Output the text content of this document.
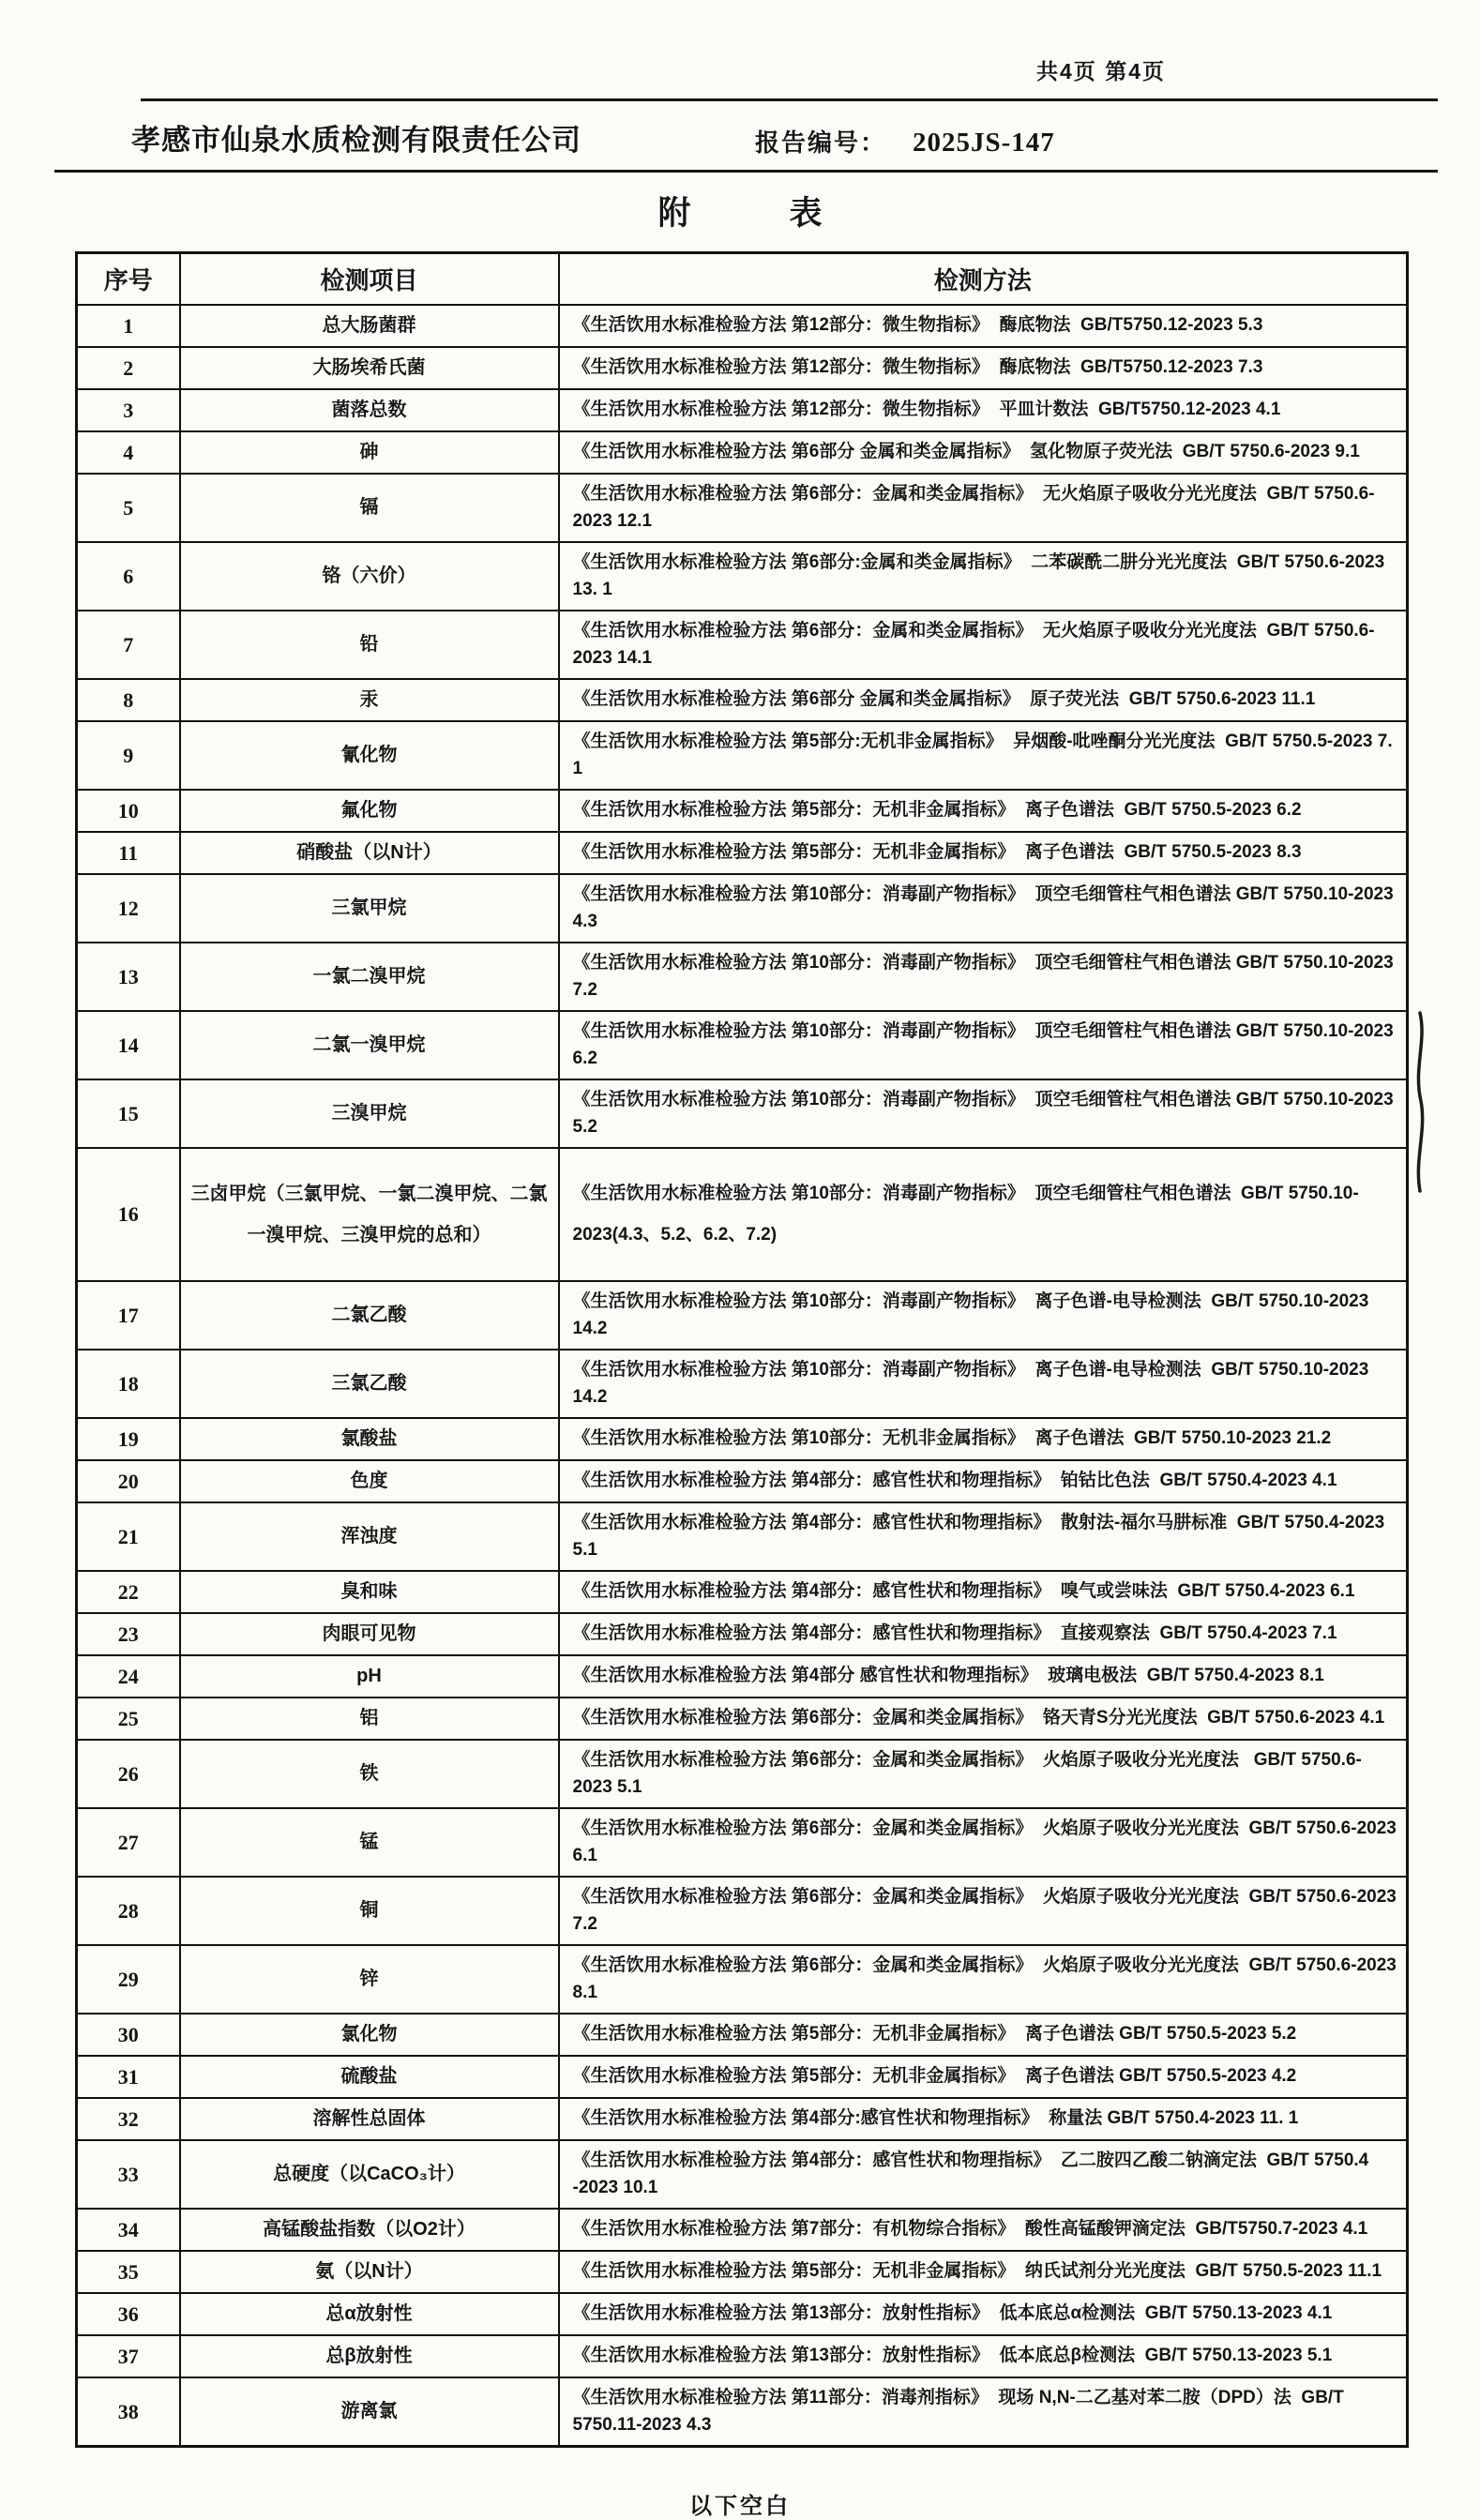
共4页 第4页
孝感市仙泉水质检测有限责任公司	报告编号： 2025JS-147
附　　　表
序号	检测项目	检测方法
1	总大肠菌群	《生活饮用水标准检验方法 第12部分：微生物指标》  酶底物法  GB/T5750.12-2023 5.3
2	大肠埃希氏菌	《生活饮用水标准检验方法 第12部分：微生物指标》  酶底物法  GB/T5750.12-2023 7.3
3	菌落总数	《生活饮用水标准检验方法 第12部分：微生物指标》  平皿计数法  GB/T5750.12-2023 4.1
4	砷	《生活饮用水标准检验方法 第6部分 金属和类金属指标》  氢化物原子荧光法  GB/T 5750.6-2023 9.1
5	镉	《生活饮用水标准检验方法 第6部分：金属和类金属指标》  无火焰原子吸收分光光度法  GB/T 5750.6-2023 12.1
6	铬（六价）	《生活饮用水标准检验方法 第6部分:金属和类金属指标》  二苯碳酰二肼分光光度法  GB/T 5750.6-2023 13. 1
7	铅	《生活饮用水标准检验方法 第6部分：金属和类金属指标》  无火焰原子吸收分光光度法  GB/T 5750.6-2023 14.1
8	汞	《生活饮用水标准检验方法 第6部分 金属和类金属指标》  原子荧光法  GB/T 5750.6-2023 11.1
9	氰化物	《生活饮用水标准检验方法 第5部分:无机非金属指标》  异烟酸-吡唑酮分光光度法  GB/T 5750.5-2023 7. 1
10	氟化物	《生活饮用水标准检验方法 第5部分：无机非金属指标》  离子色谱法  GB/T 5750.5-2023 6.2
11	硝酸盐（以N计）	《生活饮用水标准检验方法 第5部分：无机非金属指标》  离子色谱法  GB/T 5750.5-2023 8.3
12	三氯甲烷	《生活饮用水标准检验方法 第10部分：消毒副产物指标》  顶空毛细管柱气相色谱法 GB/T 5750.10-2023 4.3
13	一氯二溴甲烷	《生活饮用水标准检验方法 第10部分：消毒副产物指标》  顶空毛细管柱气相色谱法 GB/T 5750.10-2023 7.2
14	二氯一溴甲烷	《生活饮用水标准检验方法 第10部分：消毒副产物指标》  顶空毛细管柱气相色谱法 GB/T 5750.10-2023 6.2
15	三溴甲烷	《生活饮用水标准检验方法 第10部分：消毒副产物指标》  顶空毛细管柱气相色谱法 GB/T 5750.10-2023 5.2
16	三卤甲烷（三氯甲烷、一氯二溴甲烷、二氯一溴甲烷、三溴甲烷的总和）	《生活饮用水标准检验方法 第10部分：消毒副产物指标》  顶空毛细管柱气相色谱法  GB/T 5750.10-2023(4.3、5.2、6.2、7.2)
17	二氯乙酸	《生活饮用水标准检验方法 第10部分：消毒副产物指标》  离子色谱-电导检测法  GB/T 5750.10-2023 14.2
18	三氯乙酸	《生活饮用水标准检验方法 第10部分：消毒副产物指标》  离子色谱-电导检测法  GB/T 5750.10-2023 14.2
19	氯酸盐	《生活饮用水标准检验方法 第10部分：无机非金属指标》  离子色谱法  GB/T 5750.10-2023 21.2
20	色度	《生活饮用水标准检验方法 第4部分：感官性状和物理指标》  铂钴比色法  GB/T 5750.4-2023 4.1
21	浑浊度	《生活饮用水标准检验方法 第4部分：感官性状和物理指标》  散射法-福尔马肼标准  GB/T 5750.4-2023 5.1
22	臭和味	《生活饮用水标准检验方法 第4部分：感官性状和物理指标》  嗅气或尝味法  GB/T 5750.4-2023 6.1
23	肉眼可见物	《生活饮用水标准检验方法 第4部分：感官性状和物理指标》  直接观察法  GB/T 5750.4-2023 7.1
24	pH	《生活饮用水标准检验方法 第4部分 感官性状和物理指标》  玻璃电极法  GB/T 5750.4-2023 8.1
25	铝	《生活饮用水标准检验方法 第6部分：金属和类金属指标》  铬天青S分光光度法  GB/T 5750.6-2023 4.1
26	铁	《生活饮用水标准检验方法 第6部分：金属和类金属指标》  火焰原子吸收分光光度法   GB/T 5750.6-2023 5.1
27	锰	《生活饮用水标准检验方法 第6部分：金属和类金属指标》  火焰原子吸收分光光度法  GB/T 5750.6-2023 6.1
28	铜	《生活饮用水标准检验方法 第6部分：金属和类金属指标》  火焰原子吸收分光光度法  GB/T 5750.6-2023 7.2
29	锌	《生活饮用水标准检验方法 第6部分：金属和类金属指标》  火焰原子吸收分光光度法  GB/T 5750.6-2023 8.1
30	氯化物	《生活饮用水标准检验方法 第5部分：无机非金属指标》  离子色谱法 GB/T 5750.5-2023 5.2
31	硫酸盐	《生活饮用水标准检验方法 第5部分：无机非金属指标》  离子色谱法 GB/T 5750.5-2023 4.2
32	溶解性总固体	《生活饮用水标准检验方法 第4部分:感官性状和物理指标》  称量法 GB/T 5750.4-2023 11. 1
33	总硬度（以CaCO₃计）	《生活饮用水标准检验方法 第4部分：感官性状和物理指标》  乙二胺四乙酸二钠滴定法  GB/T 5750.4 -2023 10.1
34	高锰酸盐指数（以O2计）	《生活饮用水标准检验方法 第7部分：有机物综合指标》  酸性高锰酸钾滴定法  GB/T5750.7-2023 4.1
35	氨（以N计）	《生活饮用水标准检验方法 第5部分：无机非金属指标》  纳氏试剂分光光度法  GB/T 5750.5-2023 11.1
36	总α放射性	《生活饮用水标准检验方法 第13部分：放射性指标》  低本底总α检测法  GB/T 5750.13-2023 4.1
37	总β放射性	《生活饮用水标准检验方法 第13部分：放射性指标》  低本底总β检测法  GB/T 5750.13-2023 5.1
38	游离氯	《生活饮用水标准检验方法 第11部分：消毒剂指标》  现场 N,N-二乙基对苯二胺（DPD）法  GB/T 5750.11-2023 4.3
以下空白
